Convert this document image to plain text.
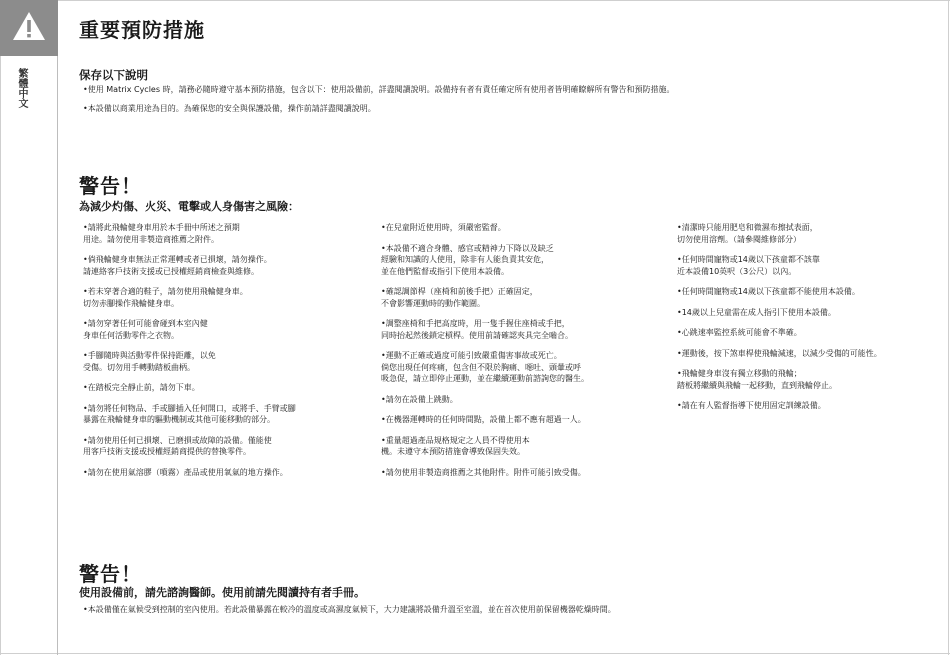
繁體中文
重要預防措施
保存以下說明
•使用 Matrix Cycles 時，請務必隨時遵守基本預防措施，包含以下：使用設備前，詳盡閱讀說明。設備持有者有責任確定所有使用者皆明確瞭解所有警告和預防措施。
•本設備以商業用途為目的。為確保您的安全與保護設備，操作前請詳盡閱讀說明。
警告！
為減少灼傷、火災、電擊或人身傷害之風險：
•請將此飛輪健身車用於本手冊中所述之預期
用途。請勿使用非製造商推薦之附件。
•倘飛輪健身車無法正常運轉或者已損壞，請勿操作。
請連絡客戶技術支援或已授權經銷商檢查與維修。
•若未穿著合適的鞋子，請勿使用飛輪健身車。
切勿赤腳操作飛輪健身車。
•請勿穿著任何可能會碰到本室內健
身車任何活動零件之衣物。
•手腳隨時與活動零件保持距離，以免
受傷。切勿用手轉動踏板曲柄。
•在踏板完全靜止前，請勿下車。
•請勿將任何物品、手或腳插入任何開口，或將手、手臂或腳
暴露在飛輪健身車的驅動機制或其他可能移動的部分。
•請勿使用任何已損壞、已磨損或故障的設備。僅能使
用客戶技術支援或授權經銷商提供的替換零件。
•請勿在使用氣溶膠（噴霧）產品或使用氧氣的地方操作。
•在兒童附近使用時，須嚴密監督。
•本設備不適合身體、感官或精神力下降以及缺乏
經驗和知識的人使用，除非有人能負責其安危，
並在他們監督或指引下使用本設備。
•確認調節桿（座椅和前後手把）正確固定，
不會影響運動時的動作範圍。
•調整座椅和手把高度時，用一隻手握住座椅或手把，
同時抬起然後鎖定槓桿。使用前請確認夾具完全嚙合。
•運動不正確或過度可能引致嚴重傷害事故或死亡。
倘您出現任何疼痛，包含但不限於胸痛、噁吐、頭暈或呼
吸急促，請立即停止運動，並在繼續運動前諮詢您的醫生。
•請勿在設備上跳動。
•在機器運轉時的任何時間點，設備上都不應有超過一人。
•重量超過產品規格規定之人員不得使用本
機。未遵守本預防措施會導致保固失效。
•請勿使用非製造商推薦之其他附件。附件可能引致受傷。
•清潔時只能用肥皂和微濕布擦拭表面，
切勿使用溶劑。（請參閱維修部分）
•任何時間寵物或14歲以下孩童都不該靠
近本設備10英呎（3公尺）以內。
•任何時間寵物或14歲以下孩童都不能使用本設備。
•14歲以上兒童需在成人指引下使用本設備。
•心跳速率監控系統可能會不準確。
•運動後，按下煞車桿使飛輪減速，以減少受傷的可能性。
•飛輪健身車沒有獨立移動的飛輪；
踏板將繼續與飛輪一起移動，直到飛輪停止。
•請在有人監督指導下使用固定訓練設備。
警告！
使用設備前，請先諮詢醫師。使用前請先閱讀持有者手冊。
•本設備僅在氣候受到控制的室內使用。若此設備暴露在較冷的溫度或高濕度氣候下，大力建議將設備升溫至室溫，並在首次使用前保留機器乾燥時間。
